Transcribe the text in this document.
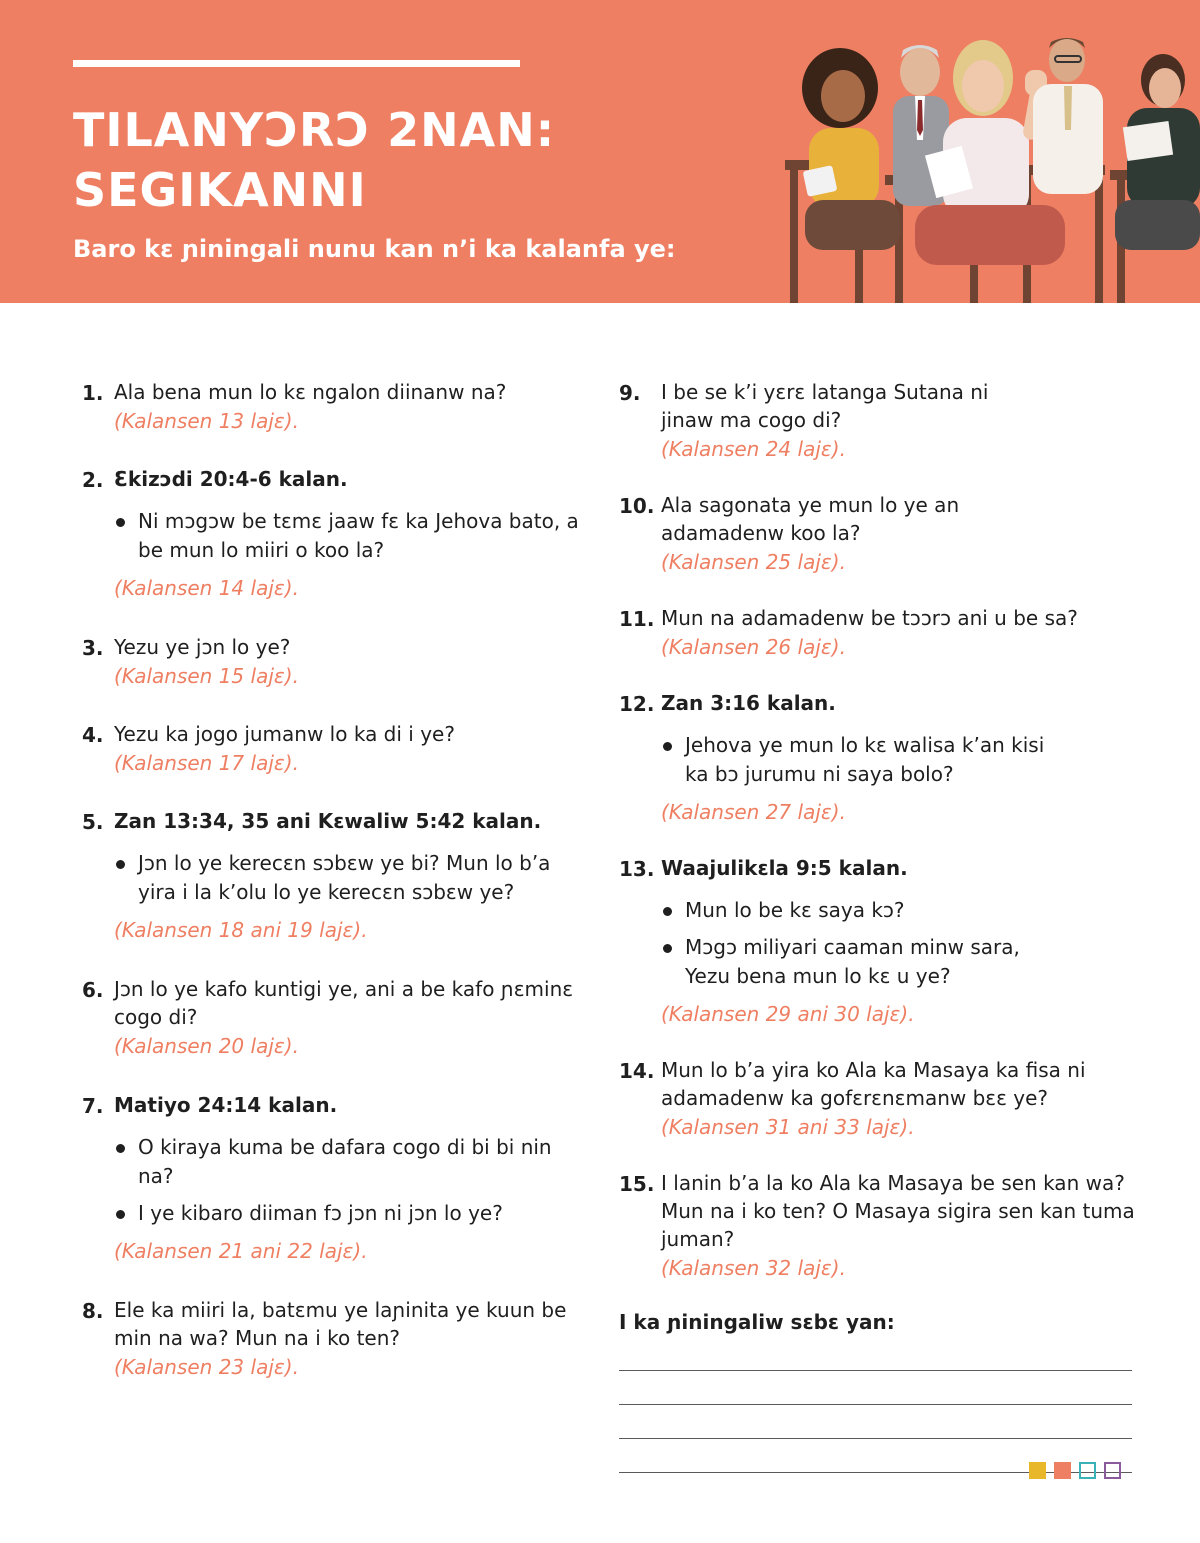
TILANYƆRƆ 2NAN:
SEGIKANNI

Baro kɛ ɲiningali nunu kan n’i ka kalanfa ye:

1. Ala bena mun lo kɛ ngalon diinanw na?
(Kalansen 13 lajɛ).
2. Ɛkizɔdi 20:4-6 kalan.
Ni mɔgɔw be tɛmɛ jaaw fɛ ka Jehova bato, a be mun lo miiri o koo la?
(Kalansen 14 lajɛ).
3. Yezu ye jɔn lo ye?
(Kalansen 15 lajɛ).
4. Yezu ka jogo jumanw lo ka di i ye?
(Kalansen 17 lajɛ).
5. Zan 13:34, 35 ani Kɛwaliw 5:42 kalan.
Jɔn lo ye kerecɛn sɔbɛw ye bi? Mun lo b’a yira i la k’olu lo ye kerecɛn sɔbɛw ye?
(Kalansen 18 ani 19 lajɛ).
6. Jɔn lo ye kafo kuntigi ye, ani a be kafo ɲɛminɛ cogo di?
(Kalansen 20 lajɛ).
7. Matiyo 24:14 kalan.
O kiraya kuma be dafara cogo di bi bi nin na?
I ye kibaro diiman fɔ jɔn ni jɔn lo ye?
(Kalansen 21 ani 22 lajɛ).
8. Ele ka miiri la, batɛmu ye laɲinita ye kuun be min na wa? Mun na i ko ten?
(Kalansen 23 lajɛ).
9. I be se k’i yɛrɛ latanga Sutana ni jinaw ma cogo di?
(Kalansen 24 lajɛ).
10. Ala sagonata ye mun lo ye an adamadenw koo la?
(Kalansen 25 lajɛ).
11. Mun na adamadenw be tɔɔrɔ ani u be sa?
(Kalansen 26 lajɛ).
12. Zan 3:16 kalan.
Jehova ye mun lo kɛ walisa k’an kisi ka bɔ jurumu ni saya bolo?
(Kalansen 27 lajɛ).
13. Waajulikɛla 9:5 kalan.
Mun lo be kɛ saya kɔ?
Mɔgɔ miliyari caaman minw sara, Yezu bena mun lo kɛ u ye?
(Kalansen 29 ani 30 lajɛ).
14. Mun lo b’a yira ko Ala ka Masaya ka fisa ni adamadenw ka gofɛrɛnɛmanw bɛɛ ye?
(Kalansen 31 ani 33 lajɛ).
15. I lanin b’a la ko Ala ka Masaya be sen kan wa? Mun na i ko ten? O Masaya sigira sen kan tuma juman?
(Kalansen 32 lajɛ).
I ka ɲiningaliw sɛbɛ yan:
